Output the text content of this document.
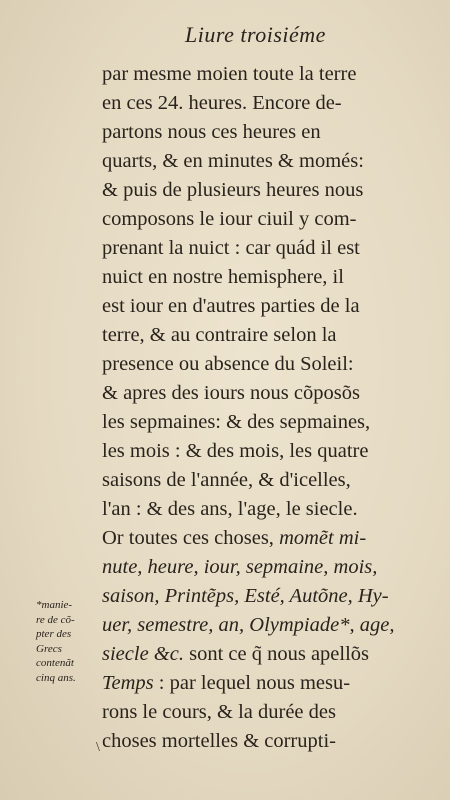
Liure troisiéme
par mesme moien toute la terre
en ces 24. heures. Encore de-
partons nous ces heures en
quarts, & en minutes & momés:
& puis de plusieurs heures nous
composons le iour ciuil y com-
prenant la nuict : car quád il est
nuict en nostre hemisphere, il
est iour en d'autres parties de la
terre, & au contraire selon la
presence ou absence du Soleil:
& apres des iours nous cõposõs
les sepmaines: & des sepmaines,
les mois : & des mois, les quatre
saisons de l'année, & d'icelles,
l'an : & des ans, l'age, le siecle.
Or toutes ces choses, momẽt mi-
nute, heure, iour, sepmaine, mois,
saison, Printẽps, Esté, Autõne, Hy-
uer, semestre, an, Olympiade*, age,
siecle &c. sont ce q̃ nous apellõs
Temps : par lequel nous mesu-
rons le cours, & la durée des
choses mortelles & corrupti-
*manie-
re de cõ-
pter des
Grecs
contenãt
cinq ans.
\
